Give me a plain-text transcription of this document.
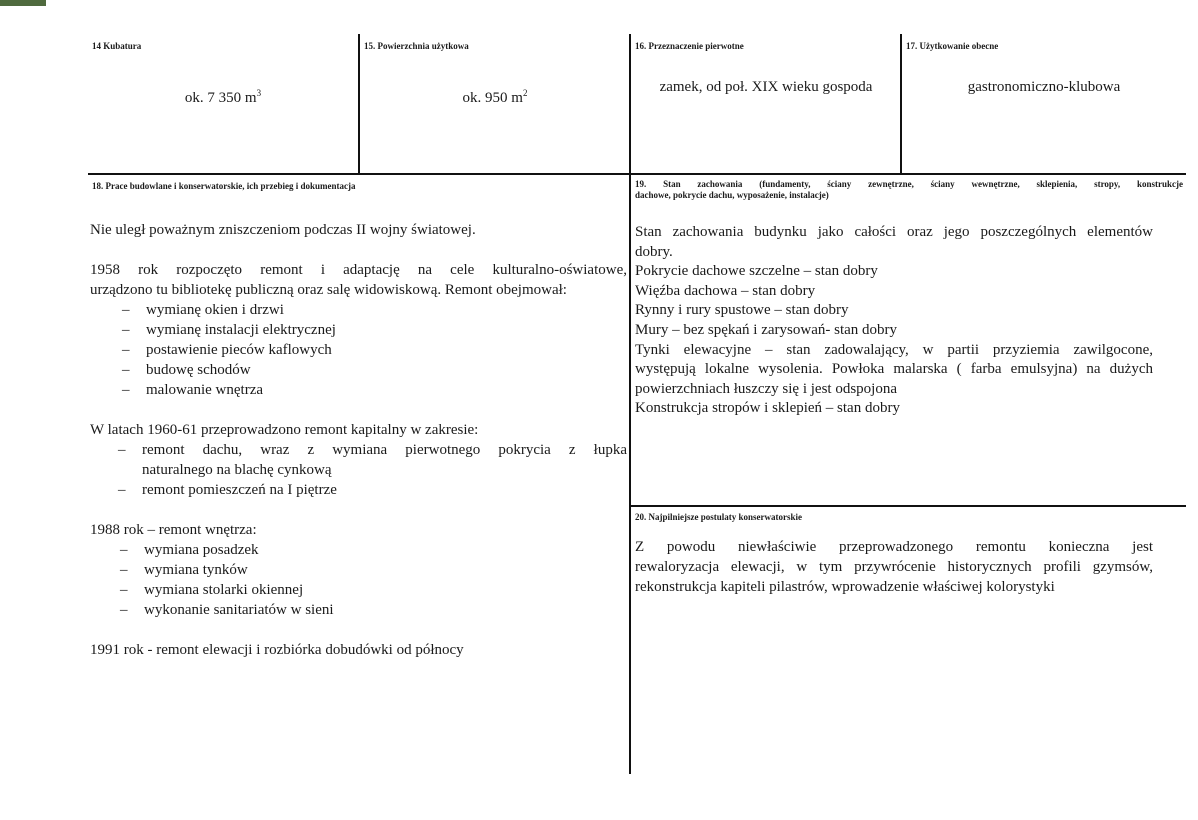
14 Kubatura	15. Powierzchnia użytkowa	16. Przeznaczenie pierwotne	17. Użytkowanie obecne
ok. 7 350 $m^3$	ok. 950 $m^2$	zamek, od poł. XIX wieku gospoda	gastronomiczno-klubowa
18. Prace budowlane i konserwatorskie, ich przebieg i dokumentacja

Nie uległ poważnym zniszczeniom podczas II wojny światowej.

1958 rok rozpoczęto remont i adaptację na cele kulturalno-oświatowe,

urządzono tu bibliotekę publiczną oraz salę widowiskową. Remont obejmował:

– wymianę okien i drzwi
– wymianę instalacji elektrycznej
– postawienie pieców kaflowych
– budowę schodów
– malowanie wnętrza

W latach 1960-61 przeprowadzono remont kapitalny w zakresie:

– remont dachu, wraz z wymiana pierwotnego pokrycia z łupka
naturalnego na blachę cynkową
– remont pomieszczeń na I piętrze

1988 rok – remont wnętrza:

– wymiana posadzek
– wymiana tynków
– wymiana stolarki okiennej
– wykonanie sanitariatów w sieni

1991 rok - remont elewacji i rozbiórka dobudówki od północy

19. Stan zachowania (fundamenty, ściany zewnętrzne, ściany wewnętrzne, sklepienia, stropy, konstrukcje
dachowe, pokrycie dachu, wyposażenie, instalacje)

Stan zachowania budynku jako całości oraz jego poszczególnych elementów

dobry.

Pokrycie dachowe szczelne – stan dobry

Więźba dachowa – stan dobry

Rynny i rury spustowe – stan dobry

Mury – bez spękań i zarysowań- stan dobry

Tynki elewacyjne – stan zadowalający, w partii przyziemia zawilgocone,

występują lokalne wysolenia. Powłoka malarska ( farba emulsyjna) na dużych

powierzchniach łuszczy się i jest odspojona

Konstrukcja stropów i sklepień – stan dobry

20. Najpilniejsze postulaty konserwatorskie

Z powodu niewłaściwie przeprowadzonego remontu konieczna jest

rewaloryzacja elewacji, w tym przywrócenie historycznych profili gzymsów,

rekonstrukcja kapiteli pilastrów, wprowadzenie właściwej kolorystyki
